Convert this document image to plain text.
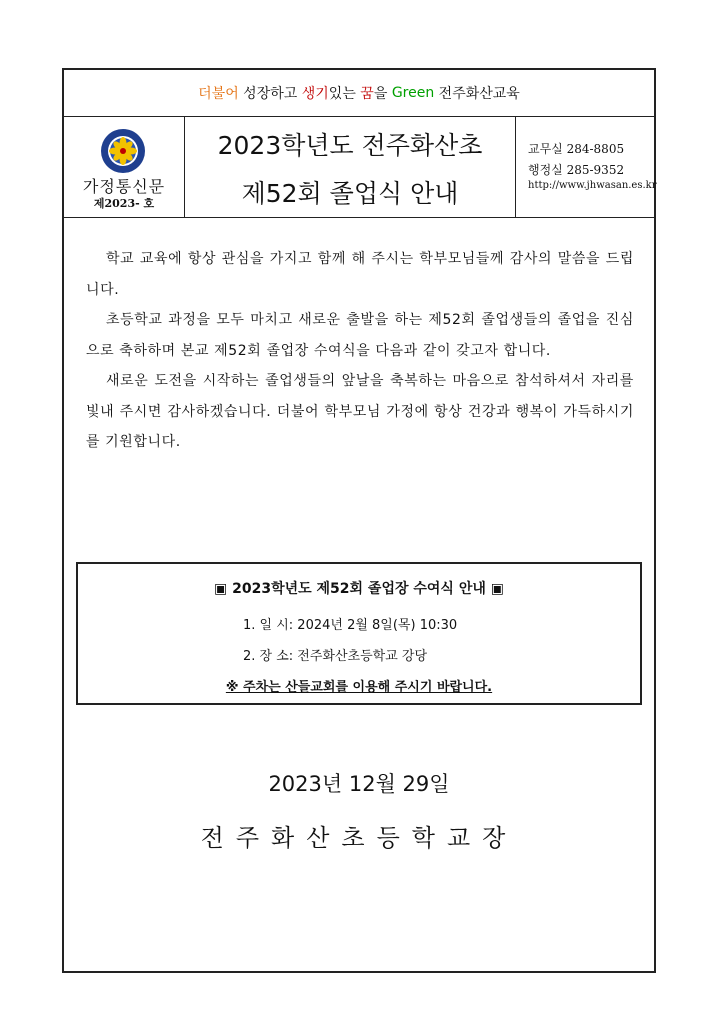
더불어 성장하고 생기 있는 꿈 을 Green 전주화산교육
가정통신문
제2023- 호
2023학년도 전주화산초
제52회 졸업식 안내
교무실 284-8805
행정실 285-9352
http://www.jhwasan.es.kr

학교 교육에 항상 관심을 가지고 함께 해 주시는 학부모님들께 감사의 말씀을 드립니다.

초등학교 과정을 모두 마치고 새로운 출발을 하는 제52회 졸업생들의 졸업을 진심으로 축하하며 본교 제52회 졸업장 수여식을 다음과 같이 갖고자 합니다.

새로운 도전을 시작하는 졸업생들의 앞날을 축복하는 마음으로 참석하셔서 자리를 빛내 주시면 감사하겠습니다. 더불어 학부모님 가정에 항상 건강과 행복이 가득하시기를 기원합니다.

▣ 2023학년도 제52회 졸업장 수여식 안내 ▣
1. 일 시: 2024년 2월 8일(목) 10:30
2. 장 소: 전주화산초등학교 강당
※ 주차는 산들교회를 이용해 주시기 바랍니다.
2023년 12월 29일
전주화산초등학교장
